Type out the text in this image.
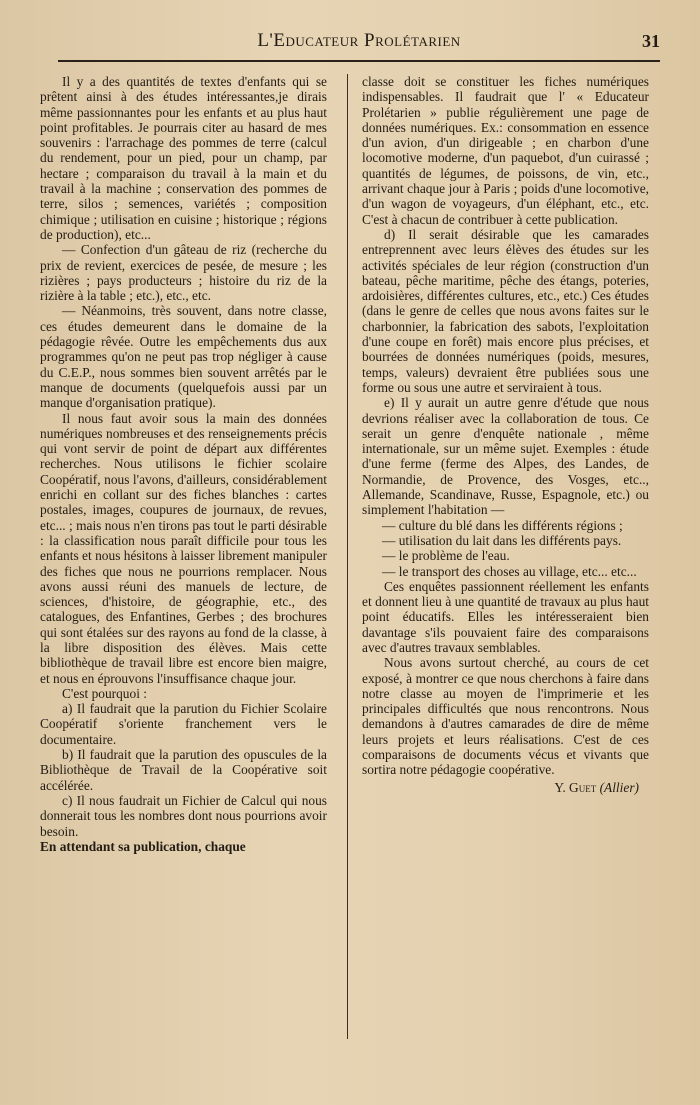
L'Educateur Prolétarien	31

Il y a des quantités de textes d'enfants qui se prêtent ainsi à des études intéressantes,je dirais même passionnantes pour les enfants et au plus haut point profitables. Je pourrais citer au hasard de mes souvenirs : l'arrachage des pommes de terre (calcul du rendement, pour un pied, pour un champ, par hectare ; comparaison du travail à la main et du travail à la machine ; conservation des pommes de terre, silos ; semences, variétés ; composition chimique ; utilisation en cuisine ; historique ; régions de production), etc...

— Confection d'un gâteau de riz (recherche du prix de revient, exercices de pesée, de mesure ; les rizières ; pays producteurs ; histoire du riz de la rizière à la table ; etc.), etc., etc.

— Néanmoins, très souvent, dans notre classe, ces études demeurent dans le domaine de la pédagogie rêvée. Outre les empêchements dus aux programmes qu'on ne peut pas trop négliger à cause du C.E.P., nous sommes bien souvent arrêtés par le manque de documents (quelquefois aussi par un manque d'organisation pratique).

Il nous faut avoir sous la main des données numériques nombreuses et des renseignements précis qui vont servir de point de départ aux différentes recherches. Nous utilisons le fichier scolaire Coopératif, nous l'avons, d'ailleurs, considérablement enrichi en collant sur des fiches blanches : cartes postales, images, coupures de journaux, de revues, etc... ; mais nous n'en tirons pas tout le parti désirable : la classification nous paraît difficile pour tous les enfants et nous hésitons à laisser librement manipuler des fiches que nous ne pourrions remplacer. Nous avons aussi réuni des manuels de lecture, de sciences, d'histoire, de géographie, etc., des catalogues, des Enfantines, Gerbes ; des brochures qui sont étalées sur des rayons au fond de la classe, à la libre disposition des élèves. Mais cette bibliothèque de travail libre est encore bien maigre, et nous en éprouvons l'insuffisance chaque jour.

C'est pourquoi :

a) Il faudrait que la parution du Fichier Scolaire Coopératif s'oriente franchement vers le documentaire.

b) Il faudrait que la parution des opuscules de la Bibliothèque de Travail de la Coopérative soit accélérée.

c) Il nous faudrait un Fichier de Calcul qui nous donnerait tous les nombres dont nous pourrions avoir besoin.

En attendant sa publication, chaque

classe doit se constituer les fiches numériques indispensables. Il faudrait que l' « Educateur Prolétarien » publie régulièrement une page de données numériques. Ex.: consommation en essence d'un avion, d'un dirigeable ; en charbon d'une locomotive moderne, d'un paquebot, d'un cuirassé ; quantités de légumes, de poissons, de vin, etc., arrivant chaque jour à Paris ; poids d'une locomotive, d'un wagon de voyageurs, d'un éléphant, etc., etc. C'est à chacun de contribuer à cette publication.

d) Il serait désirable que les camarades entreprennent avec leurs élèves des études sur les activités spéciales de leur région (construction d'un bateau, pêche maritime, pêche des étangs, poteries, ardoisières, différentes cultures, etc., etc.) Ces études (dans le genre de celles que nous avons faites sur le charbonnier, la fabrication des sabots, l'exploitation d'une coupe en forêt) mais encore plus précises, et bourrées de données numériques (poids, mesures, temps, valeurs) devraient être publiées sous une forme ou sous une autre et serviraient à tous.

e) Il y aurait un autre genre d'étude que nous devrions réaliser avec la collaboration de tous. Ce serait un genre d'enquête nationale , même internationale, sur un même sujet. Exemples : étude d'une ferme (ferme des Alpes, des Landes, de Normandie, de Provence, des Vosges, etc.., Allemande, Scandinave, Russe, Espagnole, etc.) ou simplement l'habitation —

— culture du blé dans les différents régions ;
— utilisation du lait dans les différents pays.
— le problème de l'eau.
— le transport des choses au village, etc... etc...

Ces enquêtes passionnent réellement les enfants et donnent lieu à une quantité de travaux au plus haut point éducatifs. Elles les intéresseraient bien davantage s'ils pouvaient faire des comparaisons avec d'autres travaux semblables.

Nous avons surtout cherché, au cours de cet exposé, à montrer ce que nous cherchons à faire dans notre classe au moyen de l'imprimerie et les principales difficultés que nous rencontrons. Nous demandons à d'autres camarades de dire de même leurs projets et leurs réalisations. C'est de ces comparaisons de documents vécus et vivants que sortira notre pédagogie coopérative.

Y. Guet (Allier)
